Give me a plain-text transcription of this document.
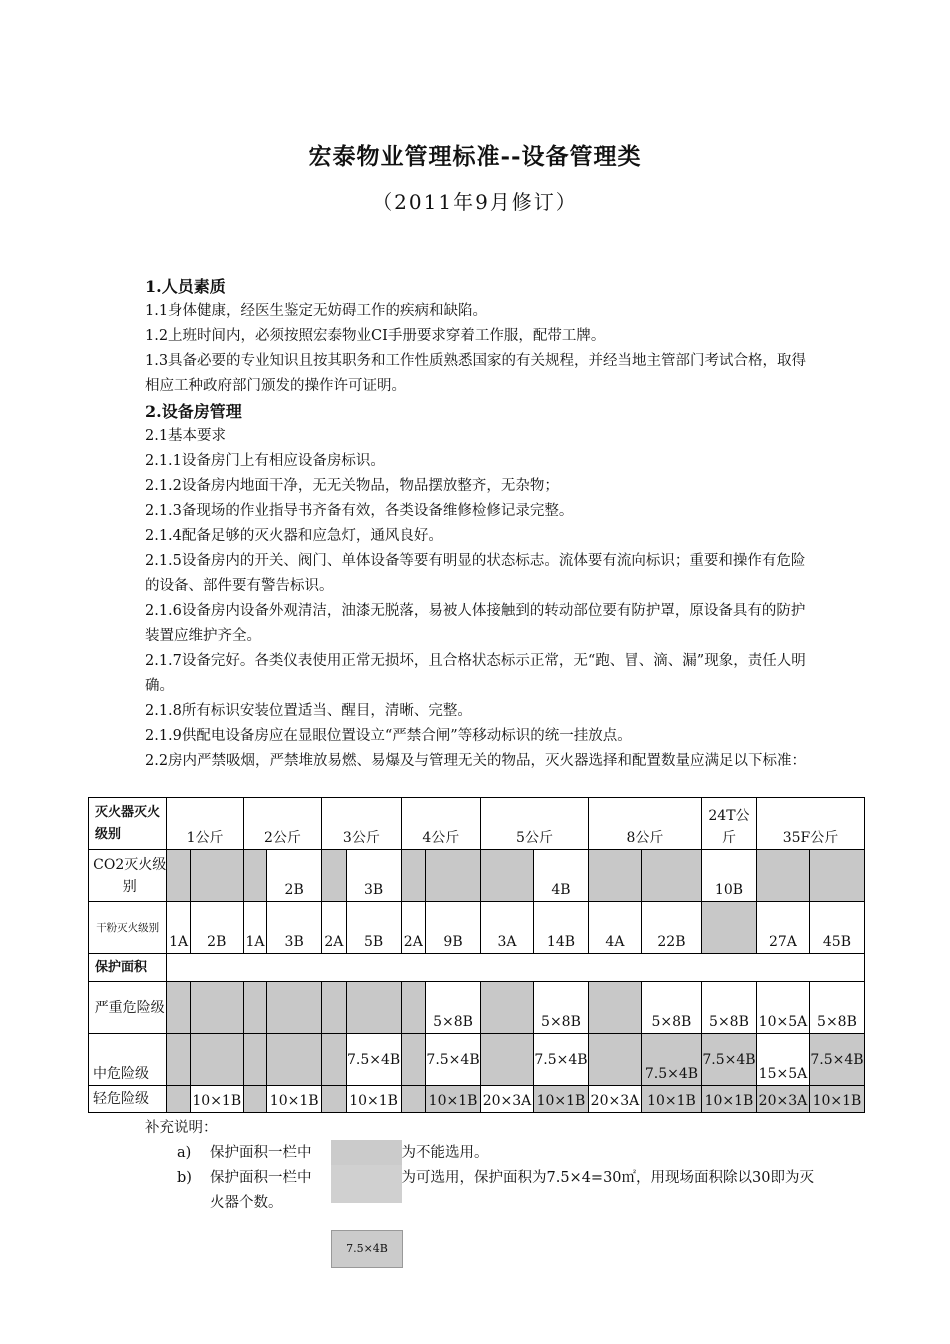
宏泰物业管理标准--设备管理类
（2011年9月修订）

1.人员素质

1.1身体健康，经医生鉴定无妨碍工作的疾病和缺陷。

1.2上班时间内，必须按照宏泰物业CI手册要求穿着工作服，配带工牌。

1.3具备必要的专业知识且按其职务和工作性质熟悉国家的有关规程，并经当地主管部门考试合格，取得相应工种政府部门颁发的操作许可证明。

2.设备房管理

2.1基本要求

2.1.1设备房门上有相应设备房标识。

2.1.2设备房内地面干净，无无关物品，物品摆放整齐，无杂物；

2.1.3备现场的作业指导书齐备有效，各类设备维修检修记录完整。

2.1.4配备足够的灭火器和应急灯，通风良好。

2.1.5设备房内的开关、阀门、单体设备等要有明显的状态标志。流体要有流向标识；重要和操作有危险的设备、部件要有警告标识。

2.1.6设备房内设备外观清洁，油漆无脱落，易被人体接触到的转动部位要有防护罩，原设备具有的防护装置应维护齐全。

2.1.7设备完好。各类仪表使用正常无损坏，且合格状态标示正常，无“跑、冒、滴、漏”现象，责任人明确。

2.1.8所有标识安装位置适当、醒目，清晰、完整。

2.1.9供配电设备房应在显眼位置设立“严禁合闸”等移动标识的统一挂放点。

2.2房内严禁吸烟，严禁堆放易燃、易爆及与管理无关的物品，灭火器选择和配置数量应满足以下标准：

灭火器灭火级别	1公斤		2公斤		3公斤		4公斤		5公斤		8公斤		24T公斤	35F公斤	
CO2灭火级别				2B		3B				4B			10B		
干粉灭火级别	1A	2B	1A	3B	2A	5B	2A	9B	3A	14B	4A	22B		27A	45B
保护面积															
严重危险级								5×8B		5×8B		5×8B	5×8B	10×5A	5×8B
中危险级						7.5×4B		7.5×4B		7.5×4B		7.5×4B	7.5×4B	15×5A	7.5×4B
轻危险级		10×1B		10×1B		10×1B		10×1B	20×3A	10×1B	20×3A	10×1B	10×1B	20×3A	10×1B

补充说明：

a) 保护面积一栏中	为不能选用。

b) 保护面积一栏中	为可选用，保护面积为7.5×4=30㎡，用现场面积除以30即为灭火器个数。

7.5×4B
